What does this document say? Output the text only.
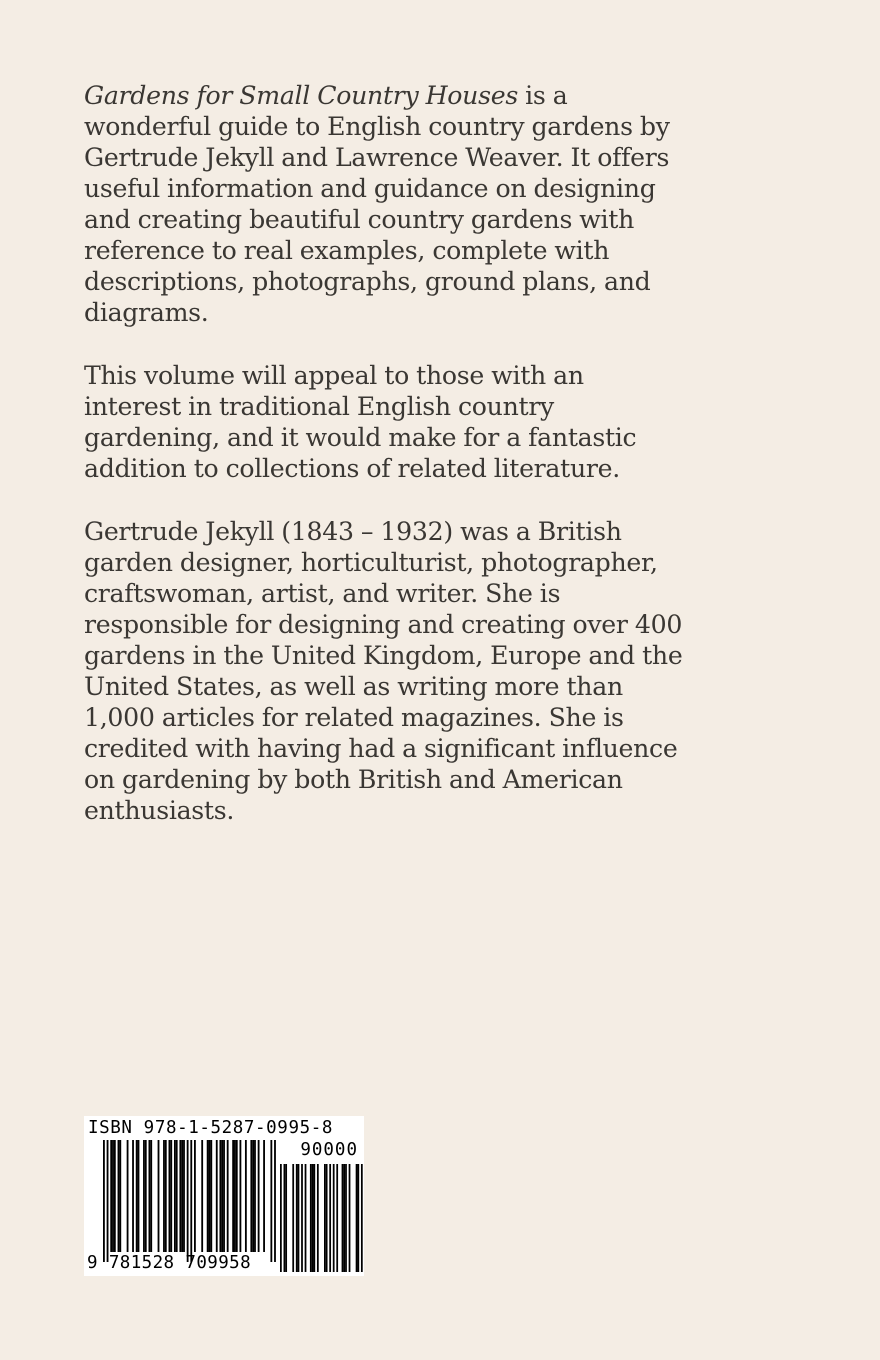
Gardens for Small Country Houses is a wonderful guide to English country gardens by Gertrude Jekyll and Lawrence Weaver. It offers useful information and guidance on designing and creating beautiful country gardens with reference to real examples, complete with descriptions, photographs, ground plans, and diagrams.

This volume will appeal to those with an interest in traditional English country gardening, and it would make for a fantastic addition to collections of related literature.

Gertrude Jekyll (1843 – 1932) was a British garden designer, horticulturist, photographer, craftswoman, artist, and writer. She is responsible for designing and creating over 400 gardens in the United Kingdom, Europe and the United States, as well as writing more than 1,000 articles for related magazines. She is credited with having had a significant influence on gardening by both British and American enthusiasts.

ISBN 978-1-5287-0995-8
90000
9 781528 709958
